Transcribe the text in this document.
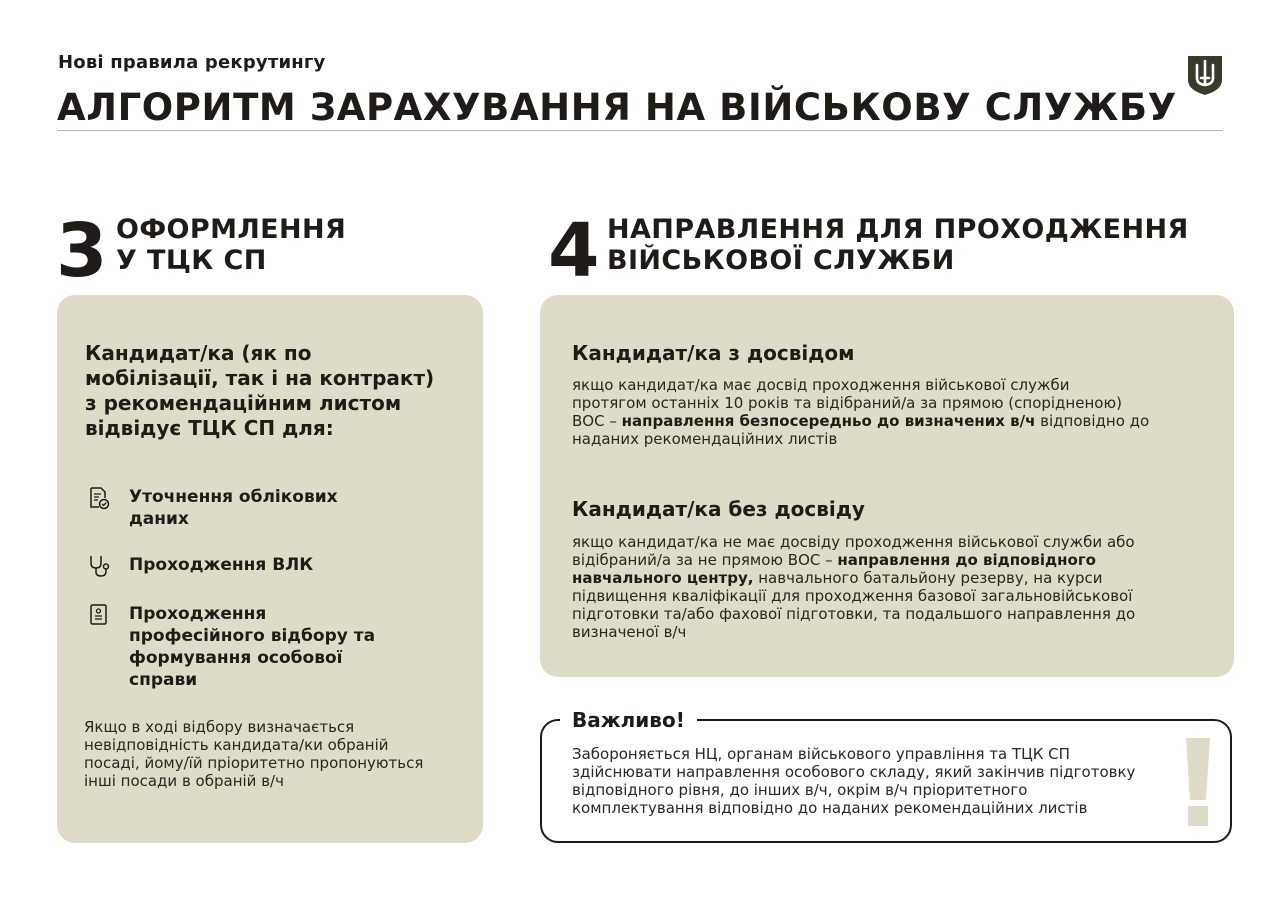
Нові правила рекрутингу
АЛГОРИТМ ЗАРАХУВАННЯ НА ВІЙСЬКОВУ СЛУЖБУ
3 ОФОРМЛЕННЯ
У ТЦК СП	4 НАПРАВЛЕННЯ ДЛЯ ПРОХОДЖЕННЯ
ВІЙСЬКОВОЇ СЛУЖБИ
Кандидат/ка (як по
мобілізації, так і на контракт)
з рекомендаційним листом
відвідує ТЦК СП для:
Уточнення облікових
даних
Проходження ВЛК
Проходження
професійного відбору та
формування особової
справи
Якщо в ході відбору визначається
невідповідність кандидата/ки обраній
посаді, йому/їй пріоритетно пропонуються
інші посади в обраній в/ч
Кандидат/ка з досвідом
якщо кандидат/ка має досвід проходження військової служби
протягом останніх 10 років та відібраний/а за прямою (спорідненою)
ВОС – направлення безпосередньо до визначених в/ч відповідно до
наданих рекомендаційних листів
Кандидат/ка без досвіду
якщо кандидат/ка не має досвіду проходження військової служби або
відібраний/а за не прямою ВОС – направлення до відповідного
навчального центру, навчального батальйону резерву, на курси
підвищення кваліфікації для проходження базової загальновійськової
підготовки та/або фахової підготовки, та подальшого направлення до
визначеної в/ч
Важливо!
Забороняється НЦ, органам військового управління та ТЦК СП
здійснювати направлення особового складу, який закінчив підготовку
відповідного рівня, до інших в/ч, окрім в/ч пріоритетного
комплектування відповідно до наданих рекомендаційних листів
